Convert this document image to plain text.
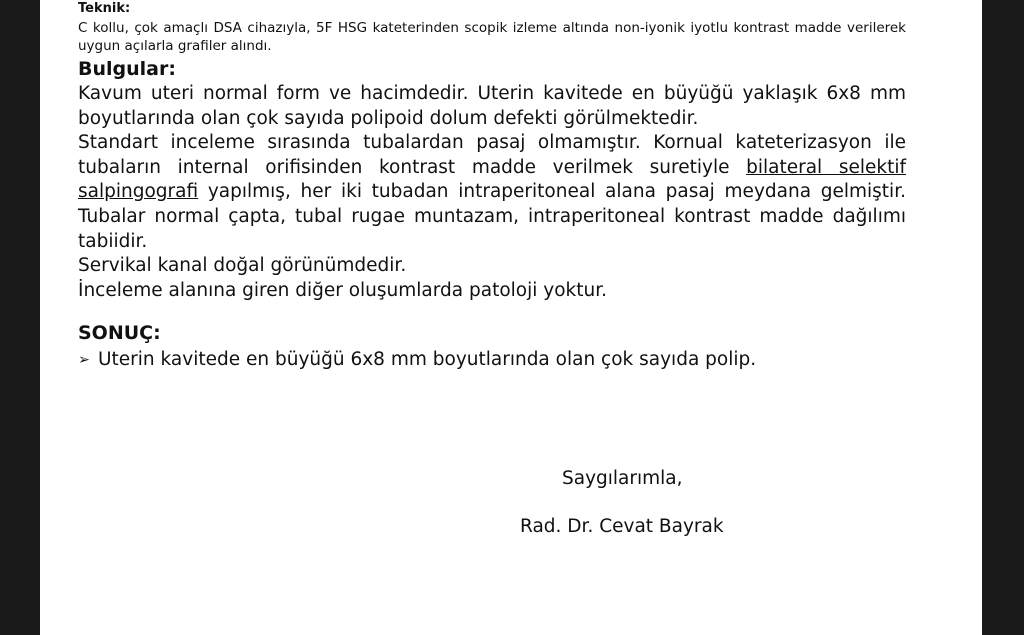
Teknik:
C kollu, çok amaçlı DSA cihazıyla, 5F HSG kateterinden scopik izleme altında non-iyonik iyotlu kontrast madde verilerek uygun açılarla grafiler alındı.
Bulgular:

Kavum uteri normal form ve hacimdedir. Uterin kavitede en büyüğü yaklaşık 6x8 mm boyutlarında olan çok sayıda polipoid dolum defekti görülmektedir.

Standart inceleme sırasında tubalardan pasaj olmamıştır. Kornual kateterizasyon ile tubaların internal orifisinden kontrast madde verilmek suretiyle bilateral selektif salpingografi yapılmış, her iki tubadan intraperitoneal alana pasaj meydana gelmiştir. Tubalar normal çapta, tubal rugae muntazam, intraperitoneal kontrast madde dağılımı tabiidir.

Servikal kanal doğal görünümdedir.

İnceleme alanına giren diğer oluşumlarda patoloji yoktur.

SONUÇ:
➢ Uterin kavitede en büyüğü 6x8 mm boyutlarında olan çok sayıda polip.
Saygılarımla,
Rad. Dr. Cevat Bayrak
